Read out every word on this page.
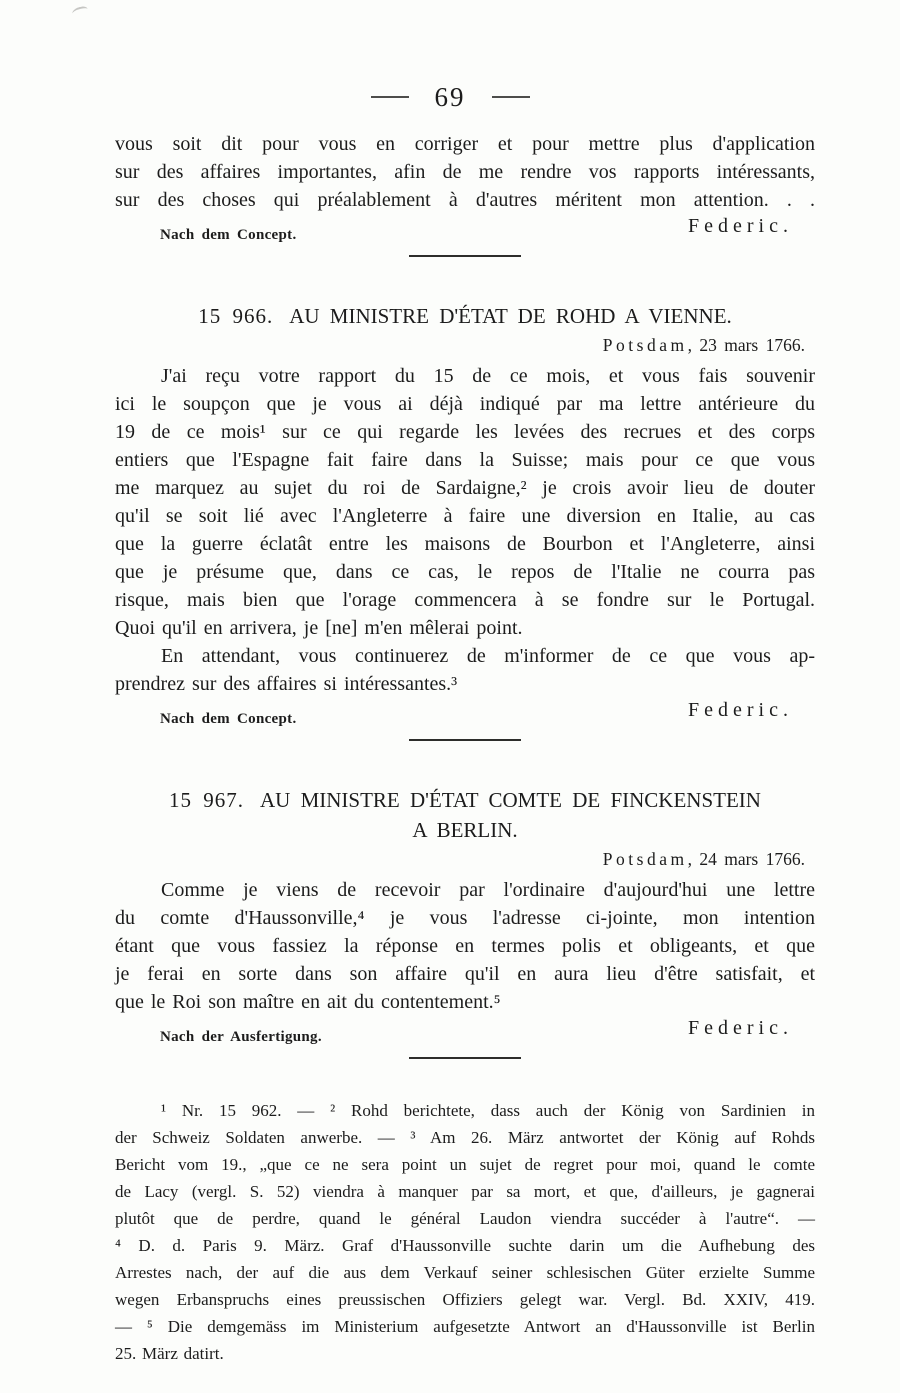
69
vous soit dit pour vous en corriger et pour mettre plus d'application
sur des affaires importantes, afin de me rendre vos rapports intéressants,
sur des choses qui préalablement à d'autres méritent mon attention. . .
Nach dem Concept.	Federic.
15 966. AU MINISTRE D'ÉTAT DE ROHD A VIENNE.
Potsdam, 23 mars 1766.
J'ai reçu votre rapport du 15 de ce mois, et vous fais souvenir
ici le soupçon que je vous ai déjà indiqué par ma lettre antérieure du
19 de ce mois¹ sur ce qui regarde les levées des recrues et des corps
entiers que l'Espagne fait faire dans la Suisse; mais pour ce que vous
me marquez au sujet du roi de Sardaigne,² je crois avoir lieu de douter
qu'il se soit lié avec l'Angleterre à faire une diversion en Italie, au cas
que la guerre éclatât entre les maisons de Bourbon et l'Angleterre, ainsi
que je présume que, dans ce cas, le repos de l'Italie ne courra pas
risque, mais bien que l'orage commencera à se fondre sur le Portugal.
Quoi qu'il en arrivera, je [ne] m'en mêlerai point.
En attendant, vous continuerez de m'informer de ce que vous ap-
prendrez sur des affaires si intéressantes.³
Nach dem Concept.	Federic.
15 967. AU MINISTRE D'ÉTAT COMTE DE FINCKENSTEIN
A BERLIN.
Potsdam, 24 mars 1766.
Comme je viens de recevoir par l'ordinaire d'aujourd'hui une lettre
du comte d'Haussonville,⁴ je vous l'adresse ci-jointe, mon intention
étant que vous fassiez la réponse en termes polis et obligeants, et que
je ferai en sorte dans son affaire qu'il en aura lieu d'être satisfait, et
que le Roi son maître en ait du contentement.⁵
Nach der Ausfertigung.	Federic.
¹ Nr. 15 962. — ² Rohd berichtete, dass auch der König von Sardinien in
der Schweiz Soldaten anwerbe. — ³ Am 26. März antwortet der König auf Rohds
Bericht vom 19., „que ce ne sera point un sujet de regret pour moi, quand le comte
de Lacy (vergl. S. 52) viendra à manquer par sa mort, et que, d'ailleurs, je gagnerai
plutôt que de perdre, quand le général Laudon viendra succéder à l'autre“. —
⁴ D. d. Paris 9. März. Graf d'Haussonville suchte darin um die Aufhebung des
Arrestes nach, der auf die aus dem Verkauf seiner schlesischen Güter erzielte Summe
wegen Erbanspruchs eines preussischen Offiziers gelegt war. Vergl. Bd. XXIV, 419.
— ⁵ Die demgemäss im Ministerium aufgesetzte Antwort an d'Haussonville ist Berlin
25. März datirt.
